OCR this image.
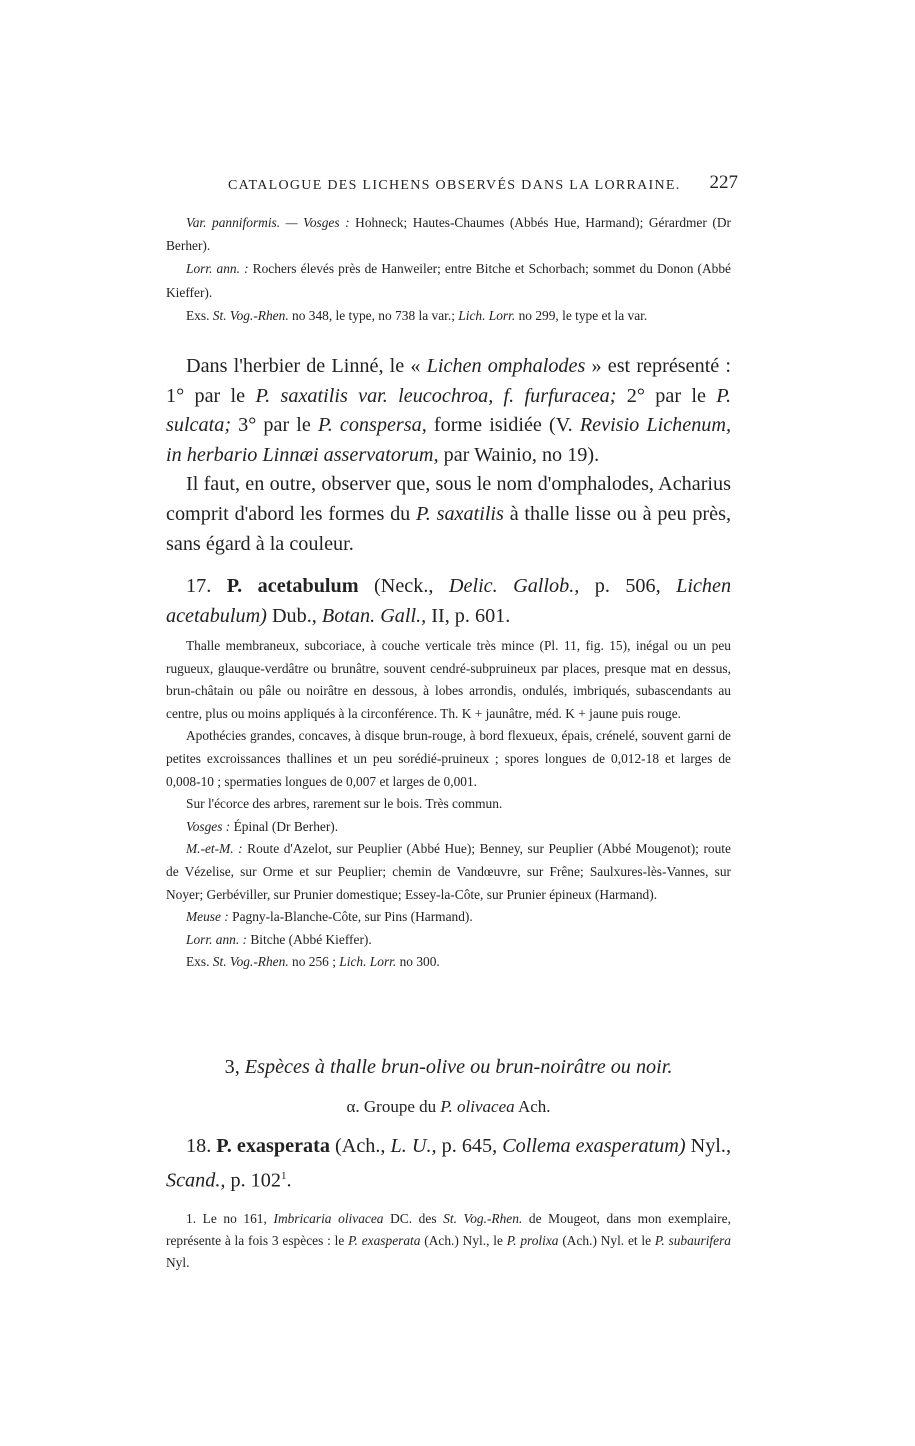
CATALOGUE DES LICHENS OBSERVÉS DANS LA LORRAINE. 227

Var. panniformis. — Vosges : Hohneck; Hautes-Chaumes (Abbés Hue, Harmand); Gérardmer (Dr Berher).

Lorr. ann. : Rochers élevés près de Hanweiler; entre Bitche et Schorbach; sommet du Donon (Abbé Kieffer).

Exs. St. Vog.-Rhen. no 348, le type, no 738 la var.; Lich. Lorr. no 299, le type et la var.

Dans l'herbier de Linné, le « Lichen omphalodes » est représenté : 1° par le P. saxatilis var. leucochroa, f. furfuracea; 2° par le P. sulcata; 3° par le P. conspersa, forme isidiée (V. Revisio Lichenum, in herbario Linnæi asservatorum, par Wainio, no 19).

Il faut, en outre, observer que, sous le nom d'omphalodes, Acharius comprit d'abord les formes du P. saxatilis à thalle lisse ou à peu près, sans égard à la couleur.

17. P. acetabulum (Neck., Delic. Gallob., p. 506, Lichen acetabulum) Dub., Botan. Gall., II, p. 601.

Thalle membraneux, subcoriace, à couche verticale très mince (Pl. 11, fig. 15), inégal ou un peu rugueux, glauque-verdâtre ou brunâtre, souvent cendré-subpruineux par places, presque mat en dessus, brun-châtain ou pâle ou noirâtre en dessous, à lobes arrondis, ondulés, imbriqués, subascendants au centre, plus ou moins appliqués à la circonférence. Th. K + jaunâtre, méd. K + jaune puis rouge.

Apothécies grandes, concaves, à disque brun-rouge, à bord flexueux, épais, crénelé, souvent garni de petites excroissances thallines et un peu sorédié-pruineux ; spores longues de 0,012-18 et larges de 0,008-10 ; spermaties longues de 0,007 et larges de 0,001.

Sur l'écorce des arbres, rarement sur le bois. Très commun.

Vosges : Épinal (Dr Berher).

M.-et-M. : Route d'Azelot, sur Peuplier (Abbé Hue); Benney, sur Peuplier (Abbé Mougenot); route de Vézelise, sur Orme et sur Peuplier; chemin de Vandœuvre, sur Frêne; Saulxures-lès-Vannes, sur Noyer; Gerbéviller, sur Prunier domestique; Essey-la-Côte, sur Prunier épineux (Harmand).

Meuse : Pagny-la-Blanche-Côte, sur Pins (Harmand).

Lorr. ann. : Bitche (Abbé Kieffer).

Exs. St. Vog.-Rhen. no 256 ; Lich. Lorr. no 300.

3, Espèces à thalle brun-olive ou brun-noirâtre ou noir.
α. Groupe du P. olivacea Ach.

18. P. exasperata (Ach., L. U., p. 645, Collema exasperatum) Nyl., Scand., p. $102^1$.

1. Le no 161, Imbricaria olivacea DC. des St. Vog.-Rhen. de Mougeot, dans mon exemplaire, représente à la fois 3 espèces : le P. exasperata (Ach.) Nyl., le P. prolixa (Ach.) Nyl. et le P. subaurifera Nyl.
